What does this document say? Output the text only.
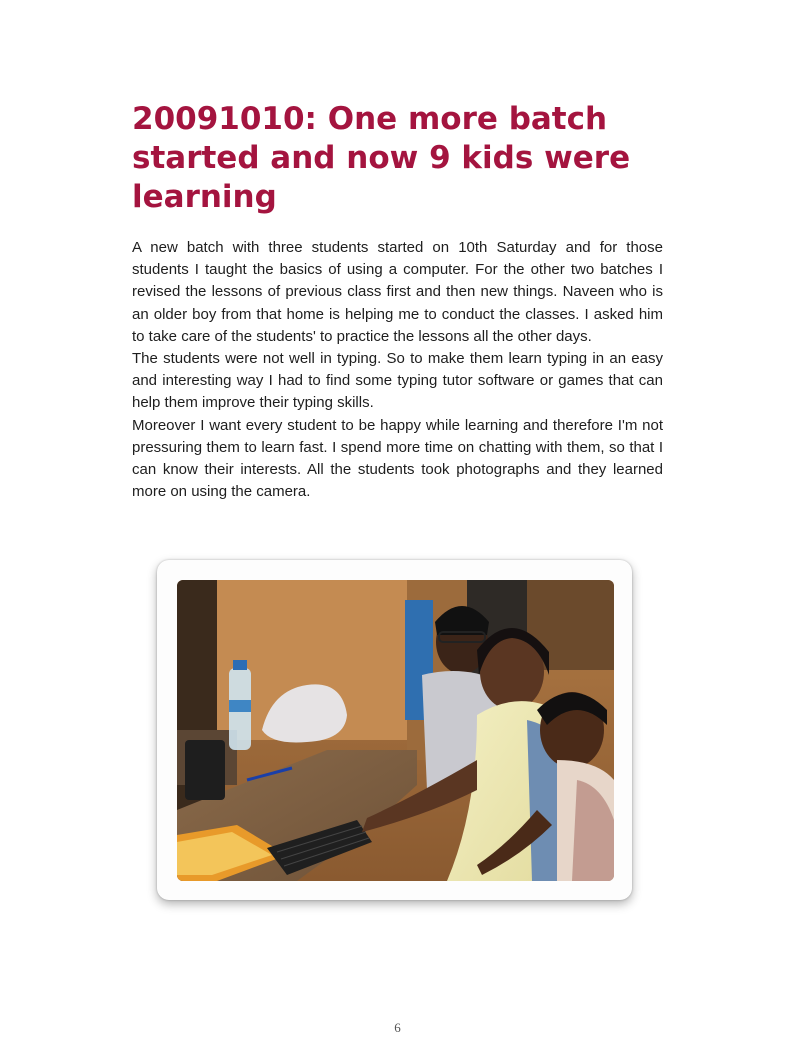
20091010: One more batch started and now 9 kids were learning

A new batch with three students started on 10th Saturday and for those students I taught the basics of using a computer. For the other two batches I revised the lessons of previous class first and then new things. Naveen who is an older boy from that home is helping me to conduct the classes. I asked him to take care of the students' to practice the lessons all the other days.

The students were not well in typing. So to make them learn typing in an easy and interesting way I had to find some typing tutor software or games that can help them improve their typing skills.

Moreover I want every student to be happy while learning and therefore I'm not pressuring them to learn fast. I spend more time on chatting with them, so that I can know their interests. All the students took photographs and they learned more on using the camera.

6
